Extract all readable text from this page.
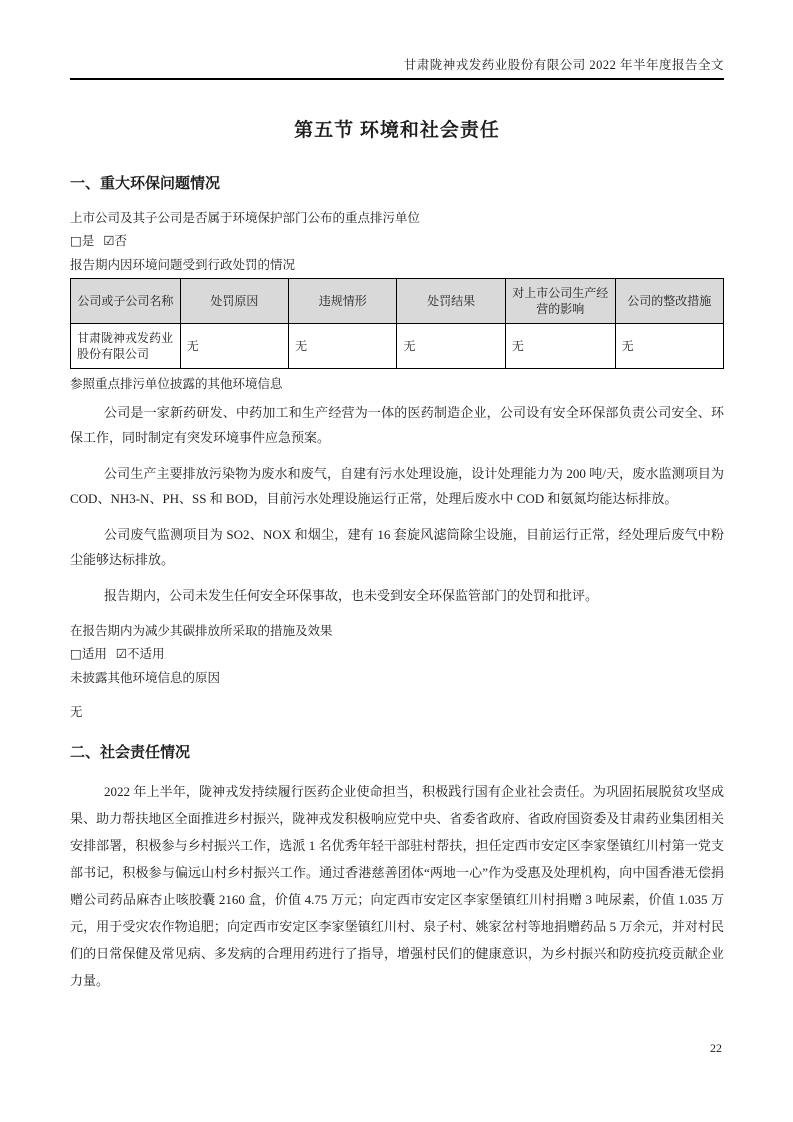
甘肃陇神戎发药业股份有限公司 2022 年半年度报告全文
第五节 环境和社会责任
一、重大环保问题情况
上市公司及其子公司是否属于环境保护部门公布的重点排污单位
□是 ☑否
报告期内因环境问题受到行政处罚的情况
公司或子公司名称	处罚原因	违规情形	处罚结果	对上市公司生产经营的影响	公司的整改措施
甘肃陇神戎发药业股份有限公司	无	无	无	无	无
参照重点排污单位披露的其他环境信息

公司是一家新药研发、中药加工和生产经营为一体的医药制造企业，公司设有安全环保部负责公司安全、环保工作，同时制定有突发环境事件应急预案。

公司生产主要排放污染物为废水和废气，自建有污水处理设施，设计处理能力为 200 吨/天，废水监测项目为 COD、NH3-N、PH、SS 和 BOD，目前污水处理设施运行正常，处理后废水中 COD 和氨氮均能达标排放。

公司废气监测项目为 SO2、NOX 和烟尘，建有 16 套旋风滤筒除尘设施，目前运行正常，经处理后废气中粉尘能够达标排放。

报告期内，公司未发生任何安全环保事故，也未受到安全环保监管部门的处罚和批评。

在报告期内为减少其碳排放所采取的措施及效果
□适用 ☑不适用
未披露其他环境信息的原因
无
二、社会责任情况

2022 年上半年，陇神戎发持续履行医药企业使命担当，积极践行国有企业社会责任。为巩固拓展脱贫攻坚成果、助力帮扶地区全面推进乡村振兴，陇神戎发积极响应党中央、省委省政府、省政府国资委及甘肃药业集团相关安排部署，积极参与乡村振兴工作，选派 1 名优秀年轻干部驻村帮扶，担任定西市安定区李家堡镇红川村第一党支部书记，积极参与偏远山村乡村振兴工作。通过香港慈善团体“两地一心”作为受惠及处理机构，向中国香港无偿捐赠公司药品麻杏止咳胶囊 2160 盒，价值 4.75 万元；向定西市安定区李家堡镇红川村捐赠 3 吨尿素，价值 1.035 万元，用于受灾农作物追肥；向定西市安定区李家堡镇红川村、泉子村、姚家岔村等地捐赠药品 5 万余元，并对村民们的日常保健及常见病、多发病的合理用药进行了指导，增强村民们的健康意识，为乡村振兴和防疫抗疫贡献企业力量。

22
